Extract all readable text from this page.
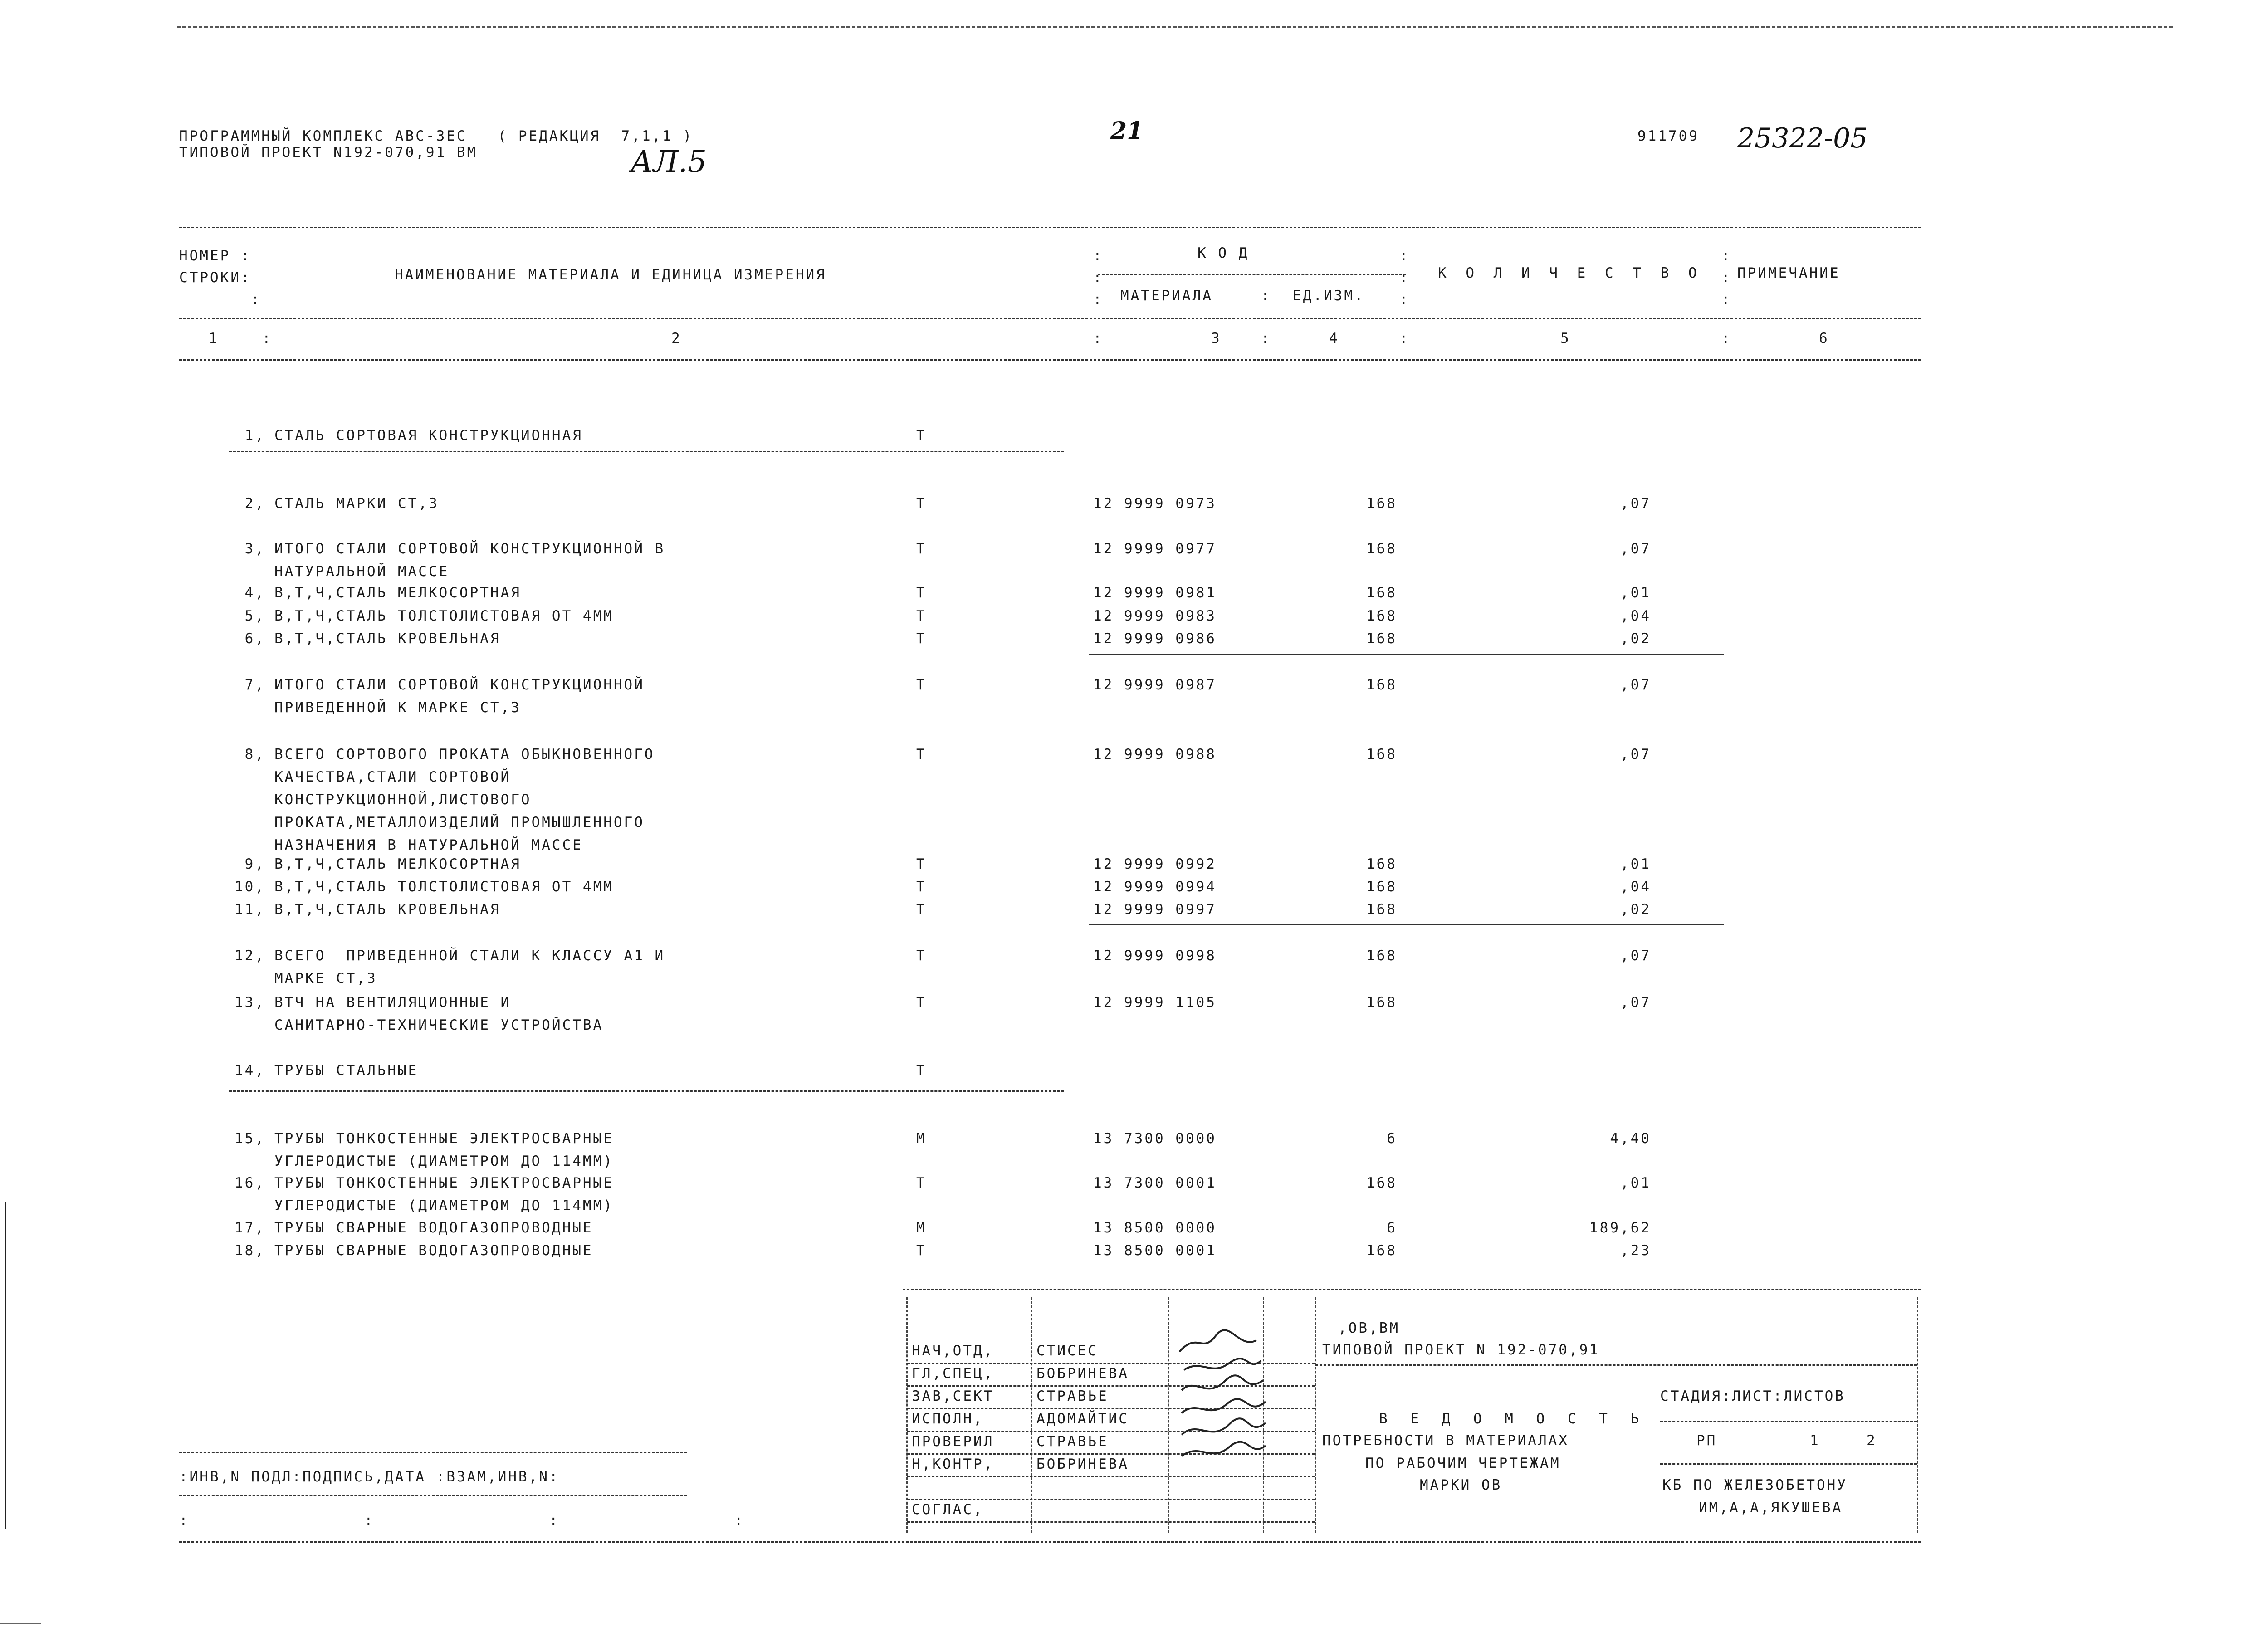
ПРОГРАММНЫЙ КОМПЛЕКС АВС-3ЕС   ( РЕДАКЦИЯ  7,1,1 )
ТИПОВОЙ ПРОЕКТ N192-070,91 ВМ	АЛ.5
21	911709 25322-05
НОМЕР :
СТРОКИ:
:
НАИМЕНОВАНИЕ МАТЕРИАЛА И ЕДИНИЦА ИЗМЕРЕНИЯ
К О Д
МАТЕРИАЛА	ЕД.ИЗМ.
К О Л И Ч Е С Т В О ПРИМЕЧАНИЕ
:
:
:
:
:
:
:
:
:
:
1	:	2	:	3	:	4	:	5	:	6
1, СТАЛЬ СОРТОВАЯ КОНСТРУКЦИОННАЯ	Т
2, СТАЛЬ МАРКИ СТ,3	Т	12 9999 0973	168	,07
3, ИТОГО СТАЛИ СОРТОВОЙ КОНСТРУКЦИОННОЙ В
НАТУРАЛЬНОЙ МАССЕ
Т	12 9999 0977	168	,07
4, В,Т,Ч,СТАЛЬ МЕЛКОСОРТНАЯ	Т	12 9999 0981	168	,01
5, В,Т,Ч,СТАЛЬ ТОЛСТОЛИСТОВАЯ ОТ 4ММ	Т	12 9999 0983	168	,04
6, В,Т,Ч,СТАЛЬ КРОВЕЛЬНАЯ	Т	12 9999 0986	168	,02
7, ИТОГО СТАЛИ СОРТОВОЙ КОНСТРУКЦИОННОЙ
ПРИВЕДЕННОЙ К МАРКЕ СТ,3
Т	12 9999 0987	168	,07
8, ВСЕГО СОРТОВОГО ПРОКАТА ОБЫКНОВЕННОГО
КАЧЕСТВА,СТАЛИ СОРТОВОЙ
КОНСТРУКЦИОННОЙ,ЛИСТОВОГО
ПРОКАТА,МЕТАЛЛОИЗДЕЛИЙ ПРОМЫШЛЕННОГО
НАЗНАЧЕНИЯ В НАТУРАЛЬНОЙ МАССЕ
Т	12 9999 0988	168	,07
9, В,Т,Ч,СТАЛЬ МЕЛКОСОРТНАЯ	Т	12 9999 0992	168	,01
10, В,Т,Ч,СТАЛЬ ТОЛСТОЛИСТОВАЯ ОТ 4ММ	Т	12 9999 0994	168	,04
11, В,Т,Ч,СТАЛЬ КРОВЕЛЬНАЯ	Т	12 9999 0997	168	,02
12, ВСЕГО  ПРИВЕДЕННОЙ СТАЛИ К КЛАССУ А1 И
МАРКЕ СТ,3
Т	12 9999 0998	168	,07
13, ВТЧ НА ВЕНТИЛЯЦИОННЫЕ И
САНИТАРНО-ТЕХНИЧЕСКИЕ УСТРОЙСТВА
Т	12 9999 1105	168	,07
14, ТРУБЫ СТАЛЬНЫЕ	Т
15, ТРУБЫ ТОНКОСТЕННЫЕ ЭЛЕКТРОСВАРНЫЕ
УГЛЕРОДИСТЫЕ (ДИАМЕТРОМ ДО 114ММ)
М	13 7300 0000	6	4,40
16, ТРУБЫ ТОНКОСТЕННЫЕ ЭЛЕКТРОСВАРНЫЕ
УГЛЕРОДИСТЫЕ (ДИАМЕТРОМ ДО 114ММ)
Т	13 7300 0001	168	,01
17, ТРУБЫ СВАРНЫЕ ВОДОГАЗОПРОВОДНЫЕ	М	13 8500 0000	6	189,62
18, ТРУБЫ СВАРНЫЕ ВОДОГАЗОПРОВОДНЫЕ	Т	13 8500 0001	168	,23
НАЧ,ОТД,	СТИСЕС
ГЛ,СПЕЦ,	БОБРИНЕВА
ЗАВ,СЕКТ	СТРАВЬЕ
ИСПОЛН,	АДОМАЙТИС
ПРОВЕРИЛ	СТРАВЬЕ
Н,КОНТР,	БОБРИНЕВА
СОГЛАС,
,ОВ,ВМ
ТИПОВОЙ ПРОЕКТ N 192-070,91
СТАДИЯ:ЛИСТ:ЛИСТОВ
В Е Д О М О С Т Ь
ПОТРЕБНОСТИ В МАТЕРИАЛАХ
ПО РАБОЧИМ ЧЕРТЕЖАМ
МАРКИ ОВ
РП	1	2
КБ ПО ЖЕЛЕЗОБЕТОНУ
ИМ,А,А,ЯКУШЕВА
:ИНВ,N ПОДЛ:ПОДПИСЬ,ДАТА :ВЗАМ,ИНВ,N:
:                 :                 :                 :
